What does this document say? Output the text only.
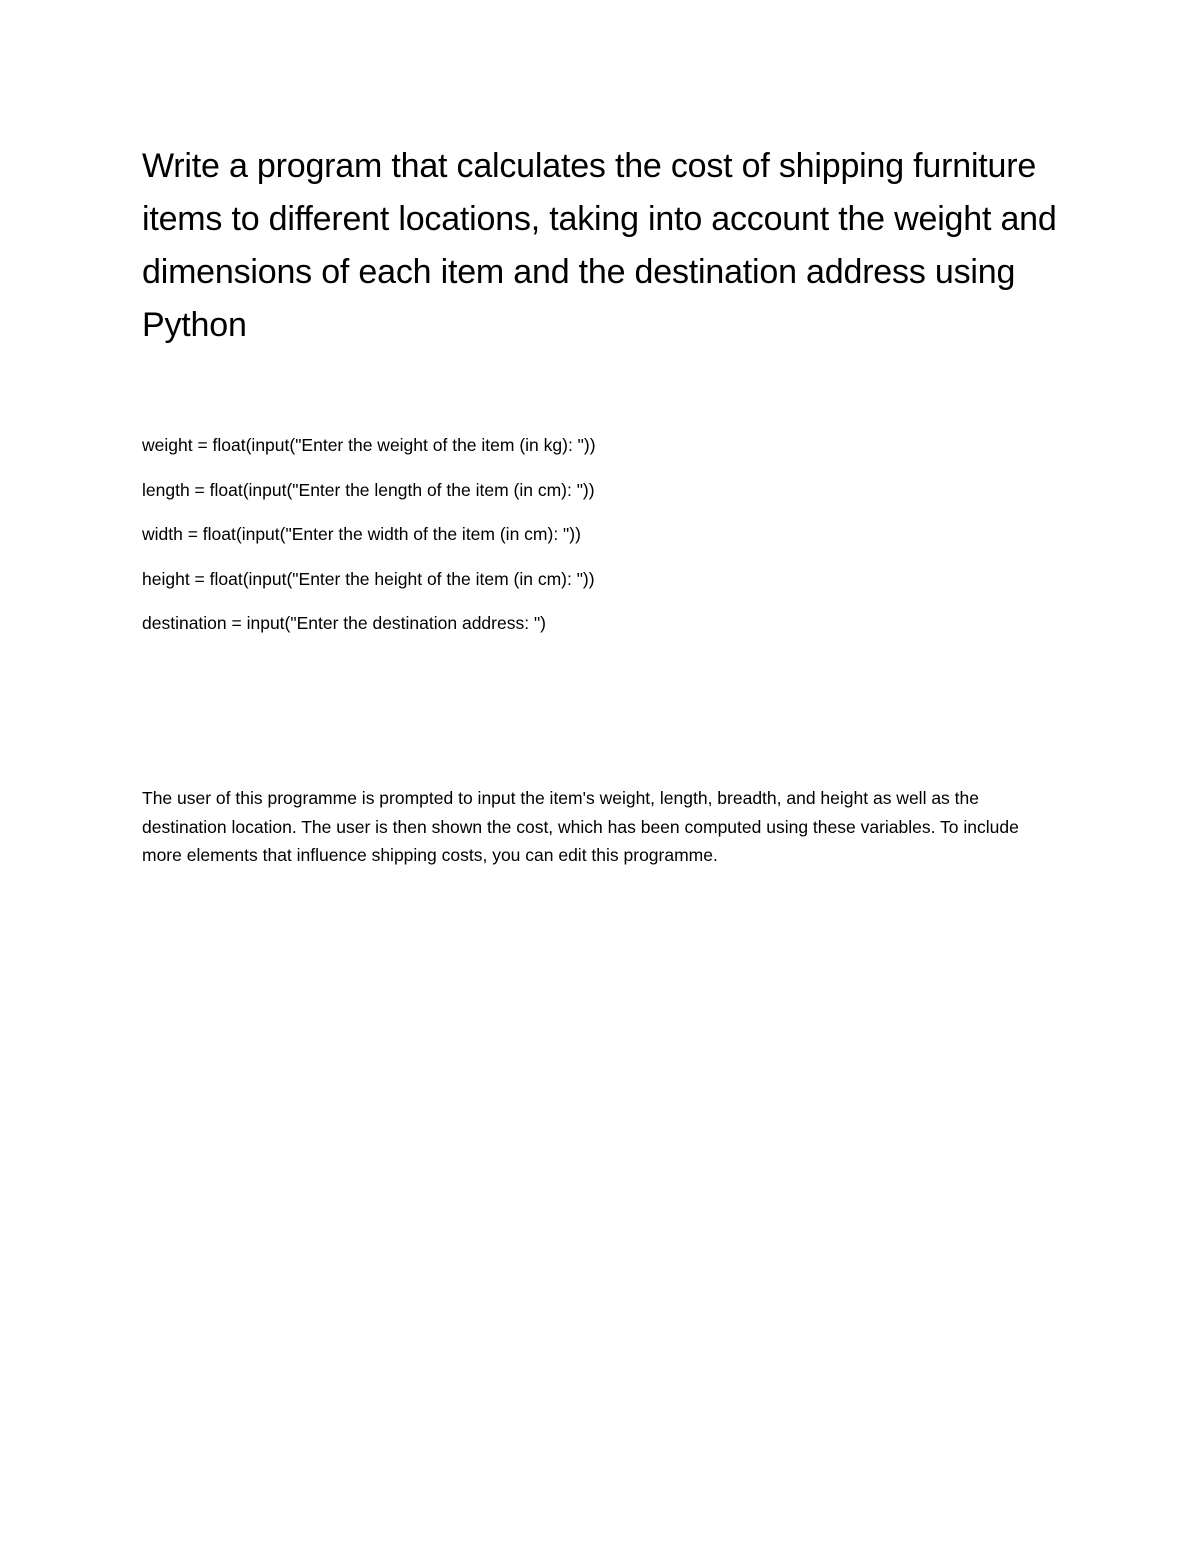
Write a program that calculates the cost of shipping furniture items to different locations, taking into account the weight and dimensions of each item and the destination address using Python
weight = float(input("Enter the weight of the item (in kg): "))
length = float(input("Enter the length of the item (in cm): "))
width = float(input("Enter the width of the item (in cm): "))
height = float(input("Enter the height of the item (in cm): "))
destination = input("Enter the destination address: ")

The user of this programme is prompted to input the item's weight, length, breadth, and height as well as the destination location. The user is then shown the cost, which has been computed using these variables. To include more elements that influence shipping costs, you can edit this programme.
